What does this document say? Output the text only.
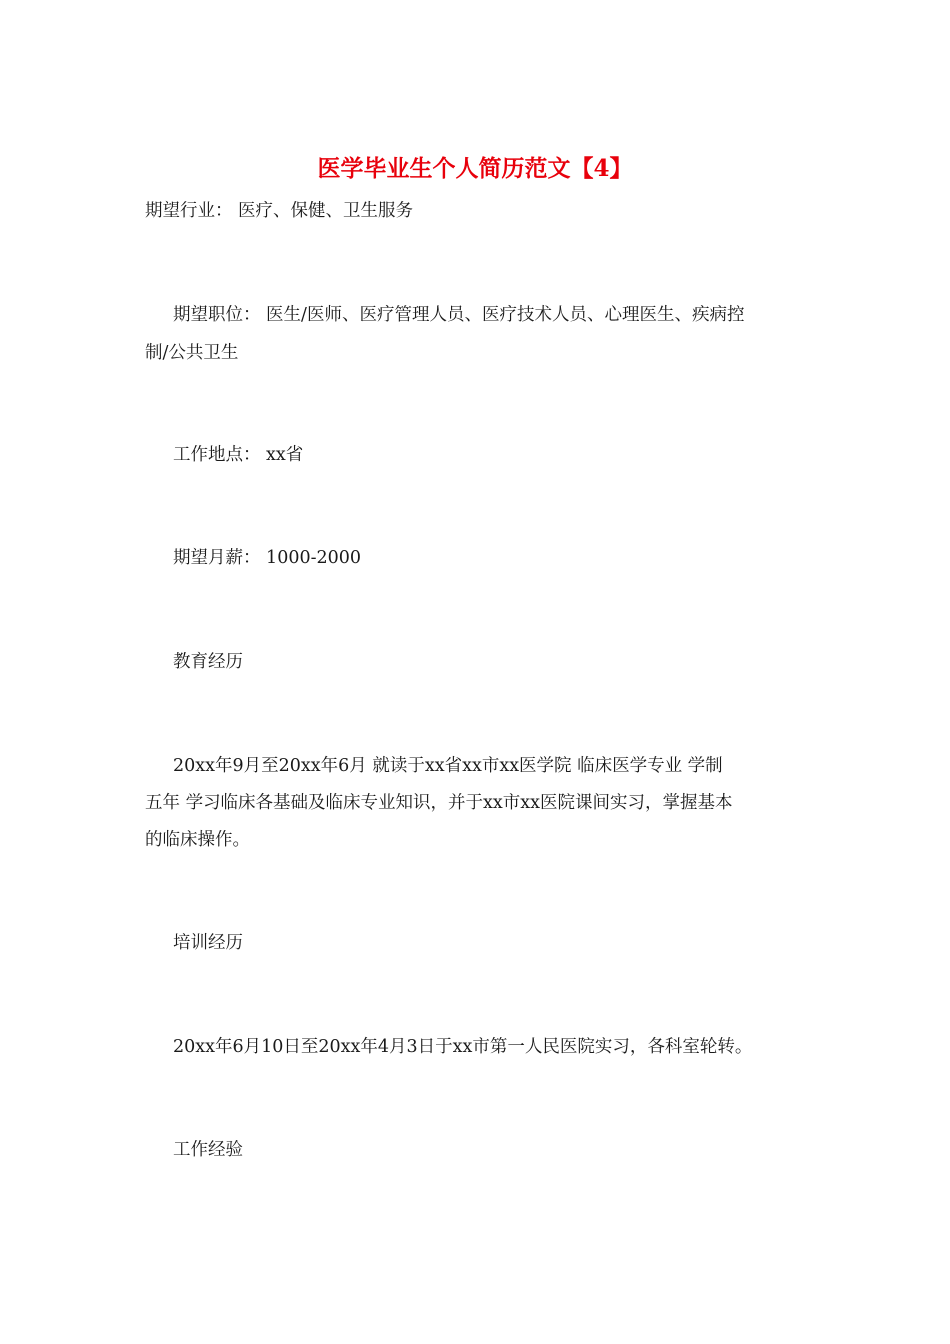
医学毕业生个人简历范文【4】

期望行业： 医疗、保健、卫生服务

期望职位： 医生/医师、医疗管理人员、医疗技术人员、心理医生、疾病控

制/公共卫生

工作地点： xx省

期望月薪： 1000-2000

教育经历

20xx年9月至20xx年6月 就读于xx省xx市xx医学院 临床医学专业 学制

五年 学习临床各基础及临床专业知识，并于xx市xx医院课间实习，掌握基本

的临床操作。

培训经历

20xx年6月10日至20xx年4月3日于xx市第一人民医院实习，各科室轮转。

工作经验
